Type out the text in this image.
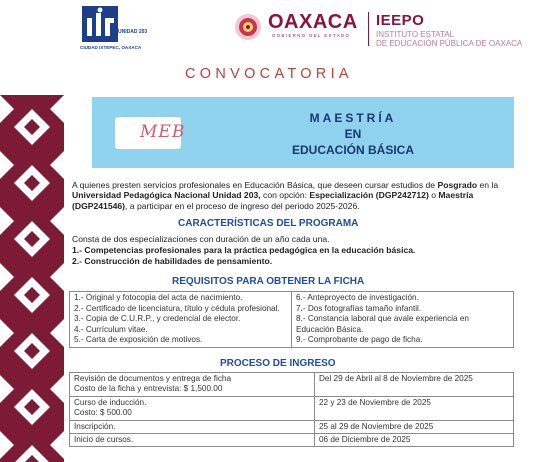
UNIDAD 203
CIUDAD IXTEPEC, OAXACA
OAXACA
GOBIERNO DEL ESTADO
IEEPO
INSTITUTO ESTATAL
DE EDUCACIÓN PÚBLICA DE OAXACA
CONVOCATORIA
MEB
MAESTRÍA
EN
EDUCACIÓN BÁSICA

A quienes presten servicios profesionales en Educación Básica, que deseen cursar estudios de Posgrado en la Universidad Pedagógica Nacional Unidad 203, con opción: Especialización (DGP242712) o Maestría (DGP241546), a participar en el proceso de ingreso del periodo 2025-2026.

CARACTERÍSTICAS DEL PROGRAMA
Consta de dos especializaciones con duración de un año cada una.
1.- Competencias profesionales para la práctica pedagógica en la educación básica.
2.- Construcción de habilidades de pensamiento.
REQUISITOS PARA OBTENER LA FICHA
1.- Original y fotocopia del acta de nacimiento.
2.- Certificado de licenciatura, título y cédula profesional.
3.- Copia de C.U.R.P., y credencial de elector.
4.- Currículum vitae.
5.- Carta de exposición de motivos.

6.- Anteproyecto de investigación.
7.- Dos fotografías tamaño infantil.
8.- Constancia laboral que avale experiencia en Educación Básica.
9.- Comprobante de pago de ficha.
PROCESO DE INGRESO
Revisión de documentos y entrega de ficha
Costo de la ficha y entrevista: $ 1,500.00	Del 29 de Abril al 8 de Noviembre de 2025

Curso de inducción.
Costo: $ 500.00	22 y 23 de Noviembre de 2025
Inscripción.	25 al 29 de Noviembre de 2025
Inicio de cursos.	06 de Diciembre de 2025
